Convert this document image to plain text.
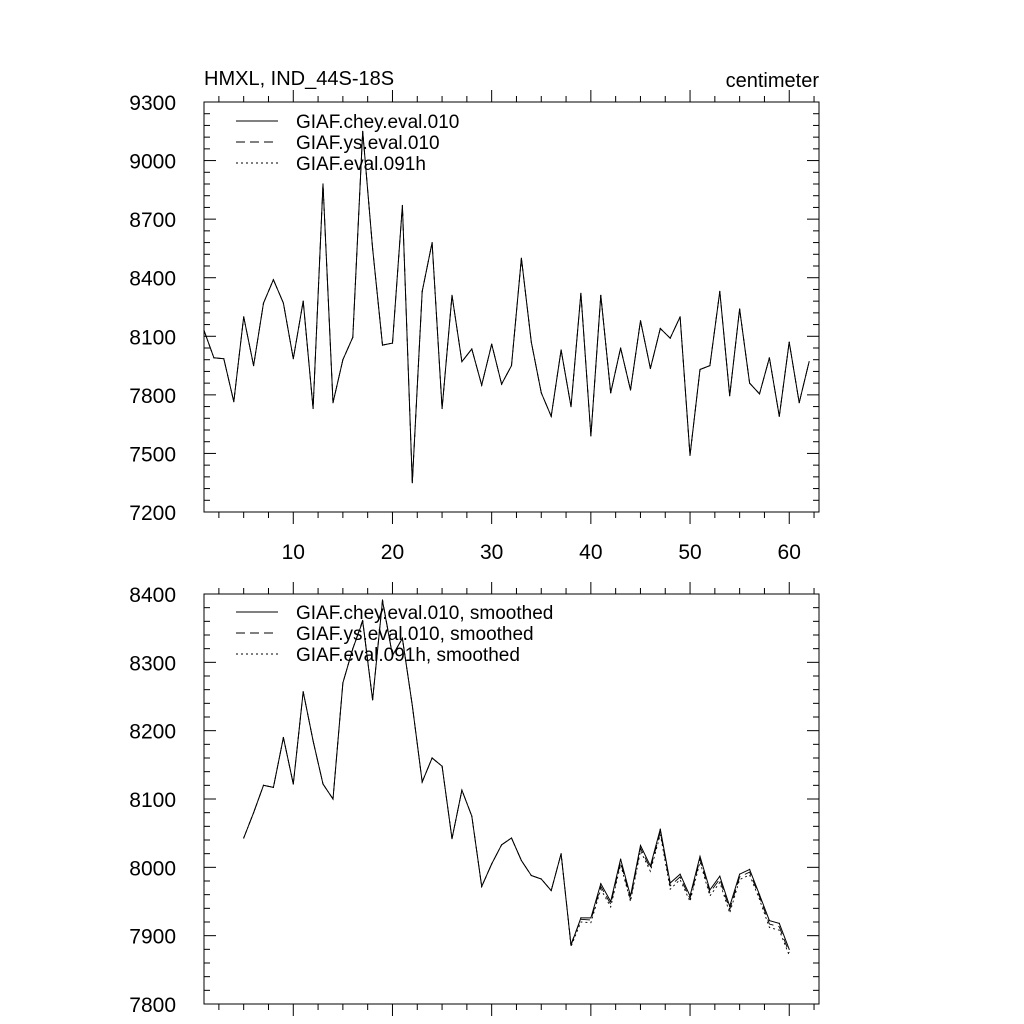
HMXL, IND_44S-18S	centimeter
7200
7500
7800
8100
8400
8700
9000
9300
10	20	30	40	50	60
GIAF.chey.eval.010
GIAF.ys.eval.010
GIAF.eval.091h
7800
7900
8000
8100
8200
8300
8400
GIAF.chey.eval.010, smoothed
GIAF.ys.eval.010, smoothed
GIAF.eval.091h, smoothed
